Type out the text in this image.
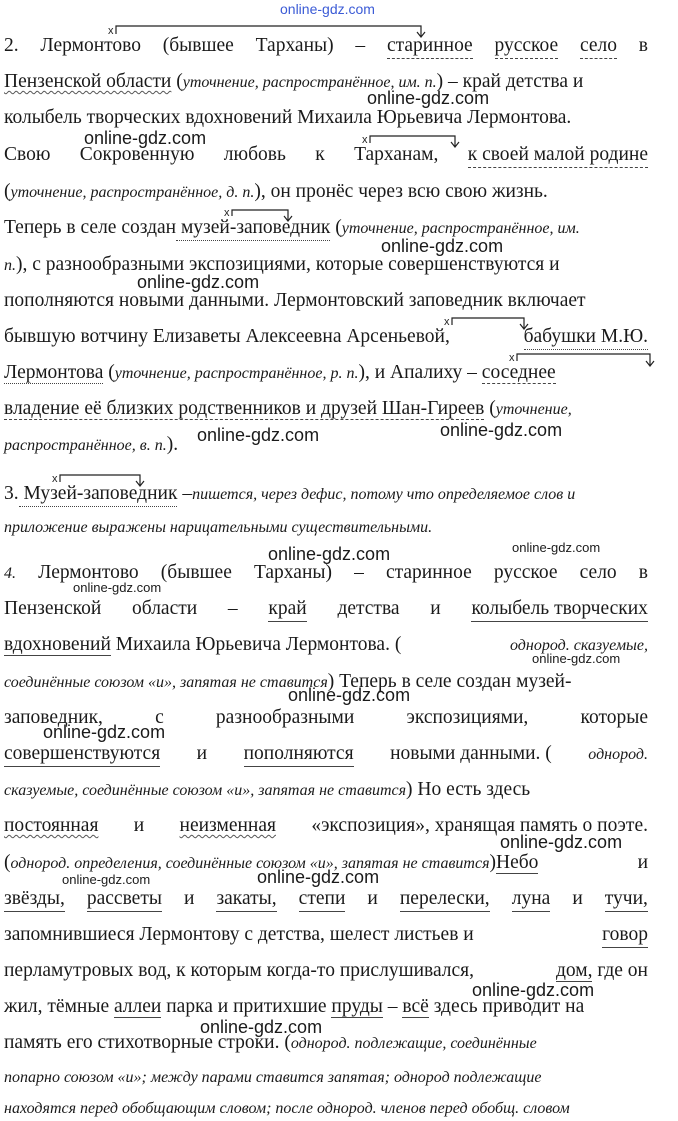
online-gdz.com
2. Лермонтово (бывшее Тарханы) – старинное русское село в
Пензенской области (уточнение, распространённое, им. п.) – край детства и
колыбель творческих вдохновений Михаила Юрьевича Лермонтова.
Свою Сокровенную любовь к Тарханам, к своей малой родине
(уточнение, распространённое, д. п.), он пронёс через всю свою жизнь.
Теперь в селе создан музей-заповедник (уточнение, распространённое, им.
п.), с разнообразными экспозициями, которые совершенствуются и
пополняются новыми данными. Лермонтовский заповедник включает
бывшую вотчину Елизаветы Алексеевна Арсеньевой,	бабушки М.Ю.
Лермонтова (уточнение, распространённое, р. п.), и Апалиху – соседнее
владение её близких родственников и друзей Шан-Гиреев (уточнение,
распространённое, в. п.).
3. Музей-заповедник – пишется, через дефис, потому что определяемое слов и
приложение выражены нарицательными существительными.
4. Лермонтово (бывшее Тарханы) – старинное русское село в
Пензенской области – край детства и колыбель творческих
вдохновений Михаила Юрьевича Лермонтова. (	однород. сказуемые,
соединённые союзом «и», запятая не ставится) Теперь в селе создан музей-
заповедник,	с	разнообразными	экспозициями,	которые
совершенствуются и пополняются новыми данными. ( однород.
сказуемые, соединённые союзом «и», запятая не ставится) Но есть здесь
постоянная и неизменная «экспозиция», хранящая память о поэте.
(однород. определения, соединённые союзом «и», запятая не ставится)Небо	и
звёзды, рассветы и закаты, степи и перелески, луна и тучи,
запомнившиеся Лермонтову с детства, шелест листьев и	говор
перламутровых вод, к которым когда-то прислушивался,	дом, где он
жил, тёмные аллеи парка и притихшие пруды – всё здесь приводит на
память его стихотворные строки. (однород. подлежащие, соединённые
попарно союзом «и»; между парами ставится запятая; однород подлежащие
находятся перед обобщающим словом; после однород. членов перед обобщ. словом
x
x
x
x
x
x
online-gdz.com
online-gdz.com
online-gdz.com
online-gdz.com
online-gdz.com	online-gdz.com
online-gdz.com	online-gdz.com
online-gdz.com
online-gdz.com
online-gdz.com
online-gdz.com
online-gdz.com
online-gdz.com	online-gdz.com
online-gdz.com
online-gdz.com
